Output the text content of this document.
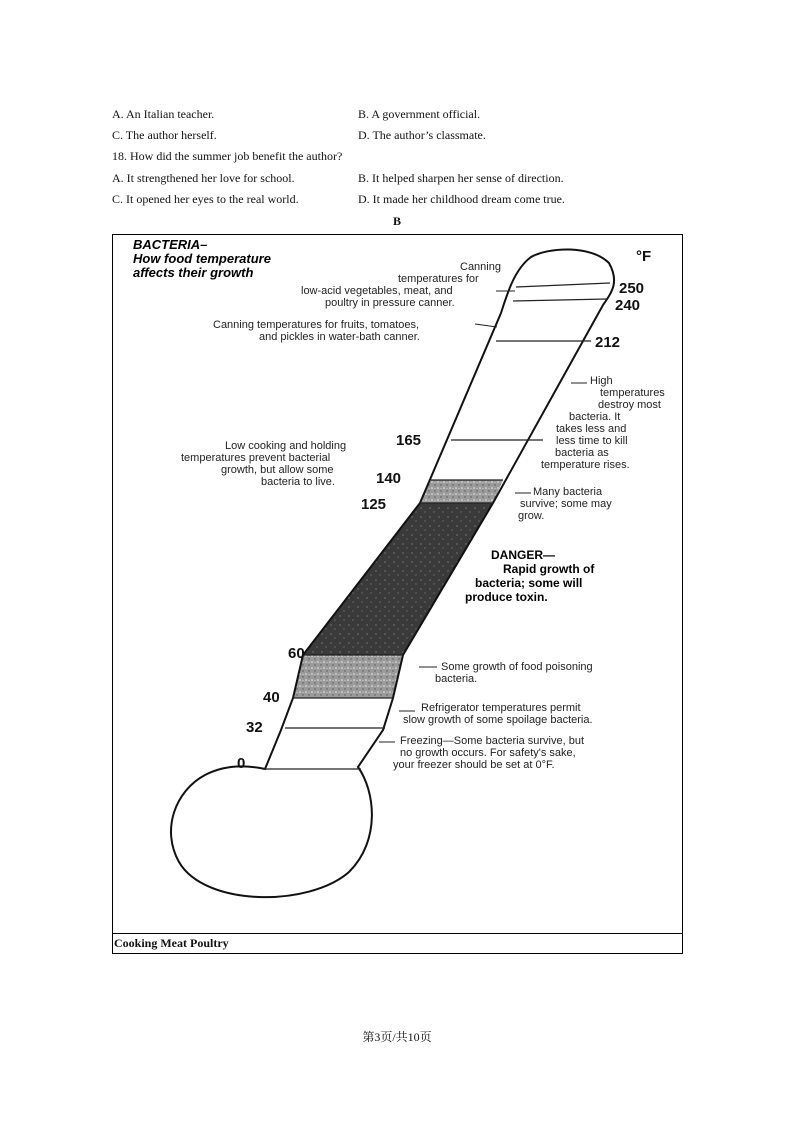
A. An Italian teacher.	B. A government official.
C. The author herself.	D. The author’s classmate.
18. How did the summer job benefit the author?
A. It strengthened her love for school.	B. It helped sharpen her sense of direction.
C. It opened her eyes to the real world.	D. It made her childhood dream come true.
B
BACTERIA–
How food temperature
affects their growth
°F
250
240
212
165
140
125
60
40
32
0
Canning
temperatures for
low-acid vegetables, meat, and
poultry in pressure canner.
Canning temperatures for fruits, tomatoes,
and pickles in water-bath canner.
High
temperatures
destroy most
bacteria. It
takes less and
less time to kill
bacteria as
temperature rises.
Low cooking and holding
temperatures prevent bacterial
growth, but allow some
bacteria to live.
Many bacteria
survive; some may
grow.
DANGER—
Rapid growth of
bacteria; some will
produce toxin.
Some growth of food poisoning
bacteria.
Refrigerator temperatures permit
slow growth of some spoilage bacteria.
Freezing—Some bacteria survive, but
no growth occurs. For safety's sake,
your freezer should be set at 0°F.
Cooking Meat Poultry
第3页/共10页
